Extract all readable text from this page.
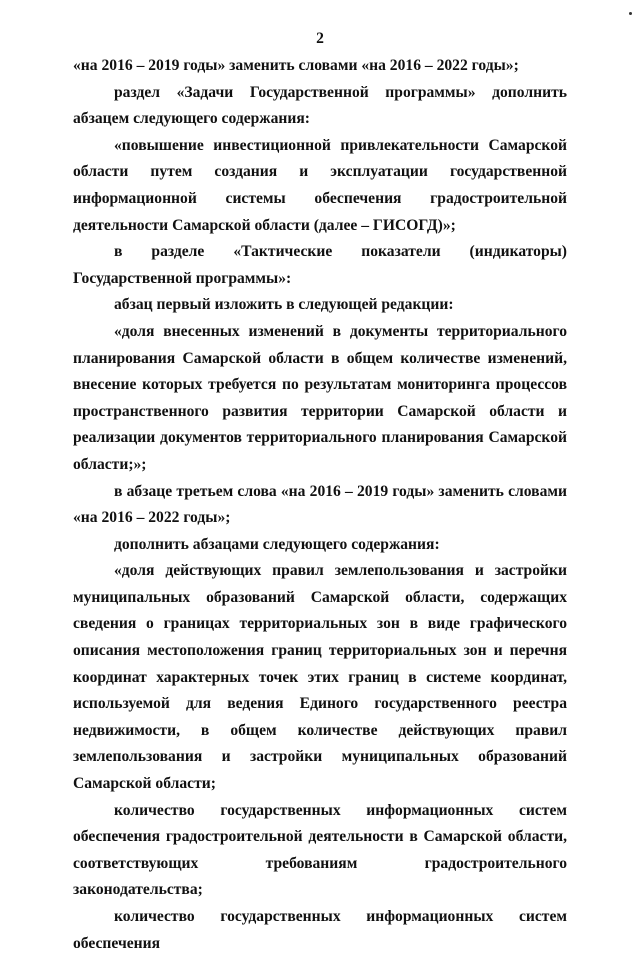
2

«на 2016 – 2019 годы» заменить словами «на 2016 – 2022 годы»;

раздел «Задачи Государственной программы» дополнить абзацем следующего содержания:

«повышение инвестиционной привлекательности Самарской области путем создания и эксплуатации государственной информационной системы обеспечения градостроительной деятельности Самарской области (далее – ГИСОГД)»;

в разделе «Тактические показатели (индикаторы) Государственной программы»:

абзац первый изложить в следующей редакции:

«доля внесенных изменений в документы территориального планирования Самарской области в общем количестве изменений, внесение которых требуется по результатам мониторинга процессов пространственного развития территории Самарской области и реализации документов территориального планирования Самарской области;»;

в абзаце третьем слова «на 2016 – 2019 годы» заменить словами «на 2016 – 2022 годы»;

дополнить абзацами следующего содержания:

«доля действующих правил землепользования и застройки муниципальных образований Самарской области, содержащих сведения о границах территориальных зон в виде графического описания местоположения границ территориальных зон и перечня координат характерных точек этих границ в системе координат, используемой для ведения Единого государственного реестра недвижимости, в общем количестве действующих правил землепользования и застройки муниципальных образований Самарской области;

количество государственных информационных систем обеспечения градостроительной деятельности в Самарской области, соответствующих требованиям градостроительного законодательства;

количество государственных информационных систем обеспечения
